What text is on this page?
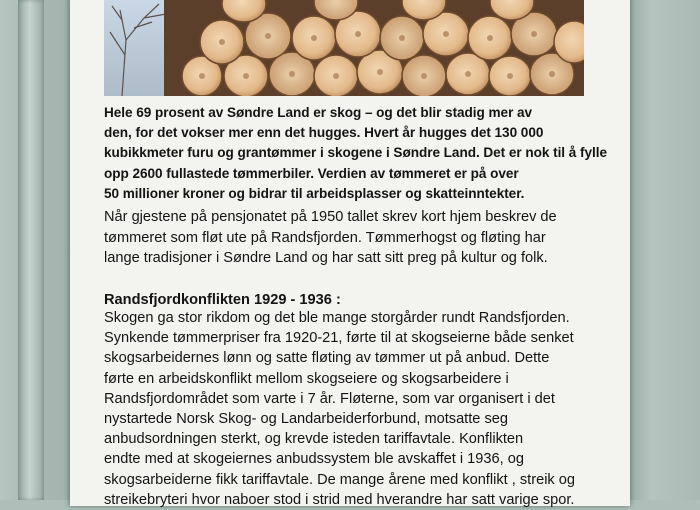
Hele 69 prosent av Søndre Land er skog – og det blir stadig mer av
den, for det vokser mer enn det hugges. Hvert år hugges det 130 000
kubikkmeter furu og grantømmer i skogene i Søndre Land. Det er nok til å fylle
opp 2600 fullastede tømmerbiler. Verdien av tømmeret er på over
50 millioner kroner og bidrar til arbeidsplasser og skatteinntekter.
Når gjestene på pensjonatet på 1950 tallet skrev kort hjem beskrev de
tømmeret som fløt ute på Randsfjorden. Tømmerhogst og fløting har
lange tradisjoner i Søndre Land og har satt sitt preg på kultur og folk.
Randsfjordkonflikten 1929 - 1936 :
Skogen ga stor rikdom og det ble mange storgårder rundt Randsfjorden.
Synkende tømmerpriser fra 1920-21, førte til at skogseierne både senket
skogsarbeidernes lønn og satte fløting av tømmer ut på anbud. Dette
førte en arbeidskonflikt mellom skogseiere og skogsarbeidere i
Randsfjordområdet som varte i 7 år. Fløterne, som var organisert i det
nystartede Norsk Skog- og Landarbeiderforbund, motsatte seg
anbudsordningen sterkt, og krevde isteden tariffavtale. Konflikten
endte med at skogeiernes anbudssystem ble avskaffet i 1936, og
skogsarbeiderne fikk tariffavtale. De mange årene med konflikt , streik og
streikebryteri hvor naboer stod i strid med hverandre har satt varige spor.
